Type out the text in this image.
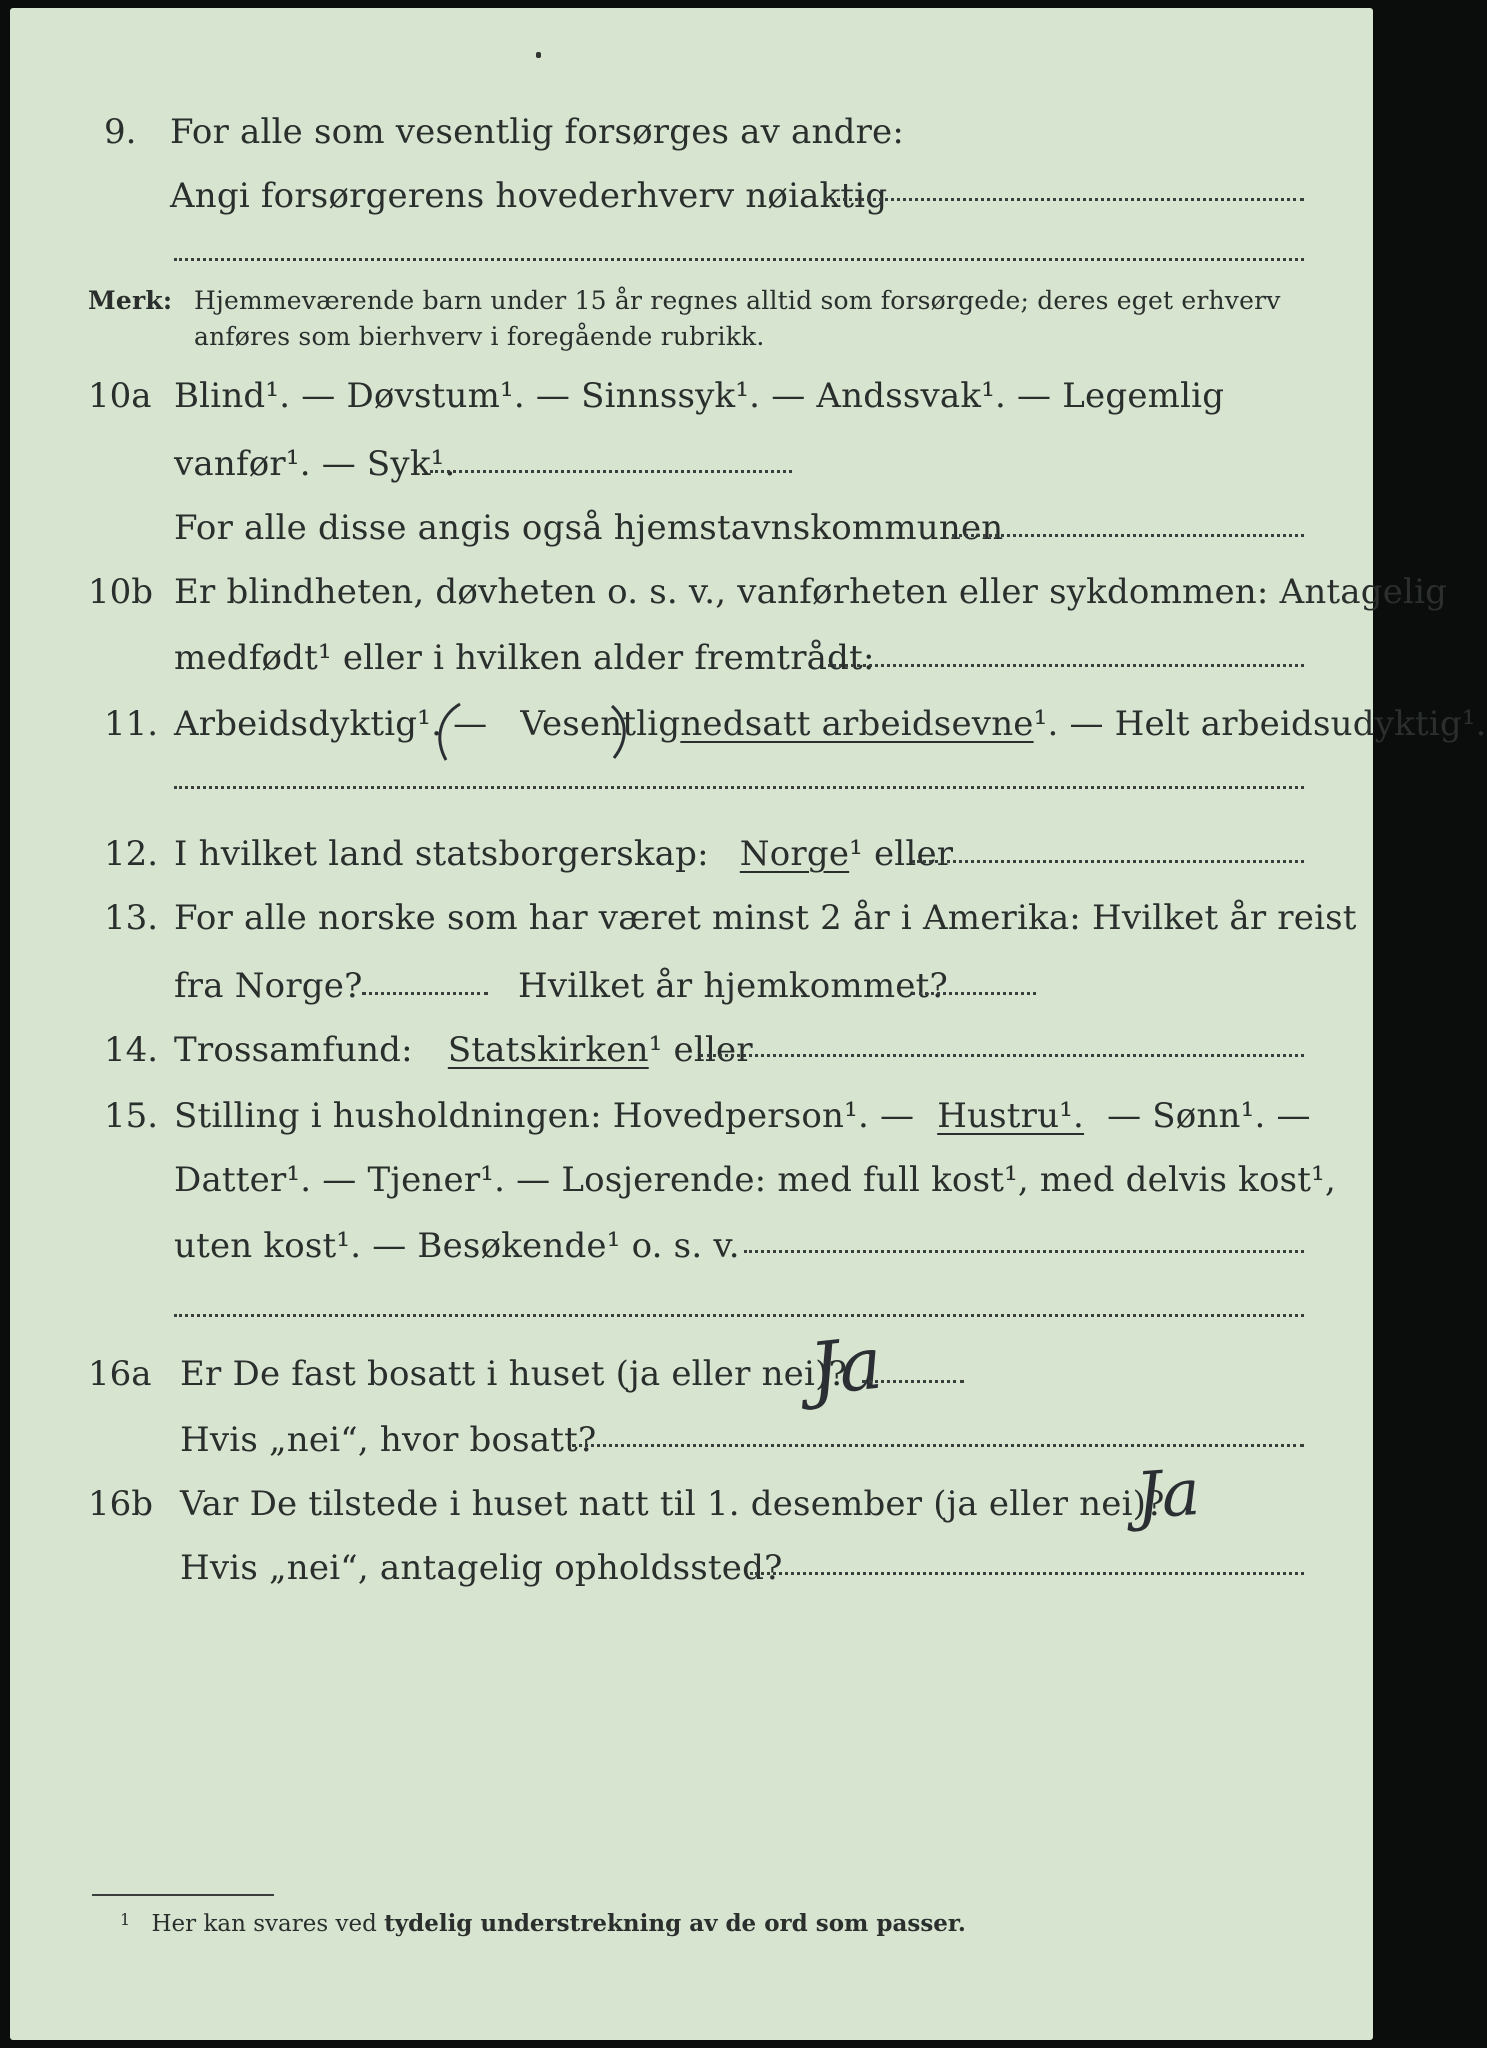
9. For alle som vesentlig forsørges av andre:
Angi forsørgerens hovederhverv nøiaktig
Merk: Hjemmeværende barn under 15 år regnes alltid som forsørgede; deres eget erhverv
anføres som bierhverv i foregående rubrikk.
10a Blind¹. — Døvstum¹. — Sinnssyk¹. — Andssvak¹. — Legemlig
vanfør¹. — Syk¹.
For alle disse angis også hjemstavnskommunen
10b Er blindheten, døvheten o. s. v., vanførheten eller sykdommen: Antagelig
medfødt¹ eller i hvilken alder fremtrådt:
11. Arbeidsdyktig¹. — Vesentlignedsatt arbeidsevne¹. — Helt arbeidsudyktig¹.
12. I hvilket land statsborgerskap: Norge¹ eller
13. For alle norske som har været minst 2 år i Amerika: Hvilket år reist
fra Norge?	Hvilket år hjemkommet?
14. Trossamfund: Statskirken¹ eller
15. Stilling i husholdningen: Hovedperson¹. — Hustru¹. — Sønn¹. —
Datter¹. — Tjener¹. — Losjerende: med full kost¹, med delvis kost¹,
uten kost¹. — Besøkende¹ o. s. v.
16a Er De fast bosatt i huset (ja eller nei)?
Ja
Hvis „nei“, hvor bosatt?
16b Var De tilstede i huset natt til 1. desember (ja eller nei)?
Ja
Hvis „nei“, antagelig opholdssted?
$^1$ Her kan svares ved tydelig understrekning av de ord som passer.
